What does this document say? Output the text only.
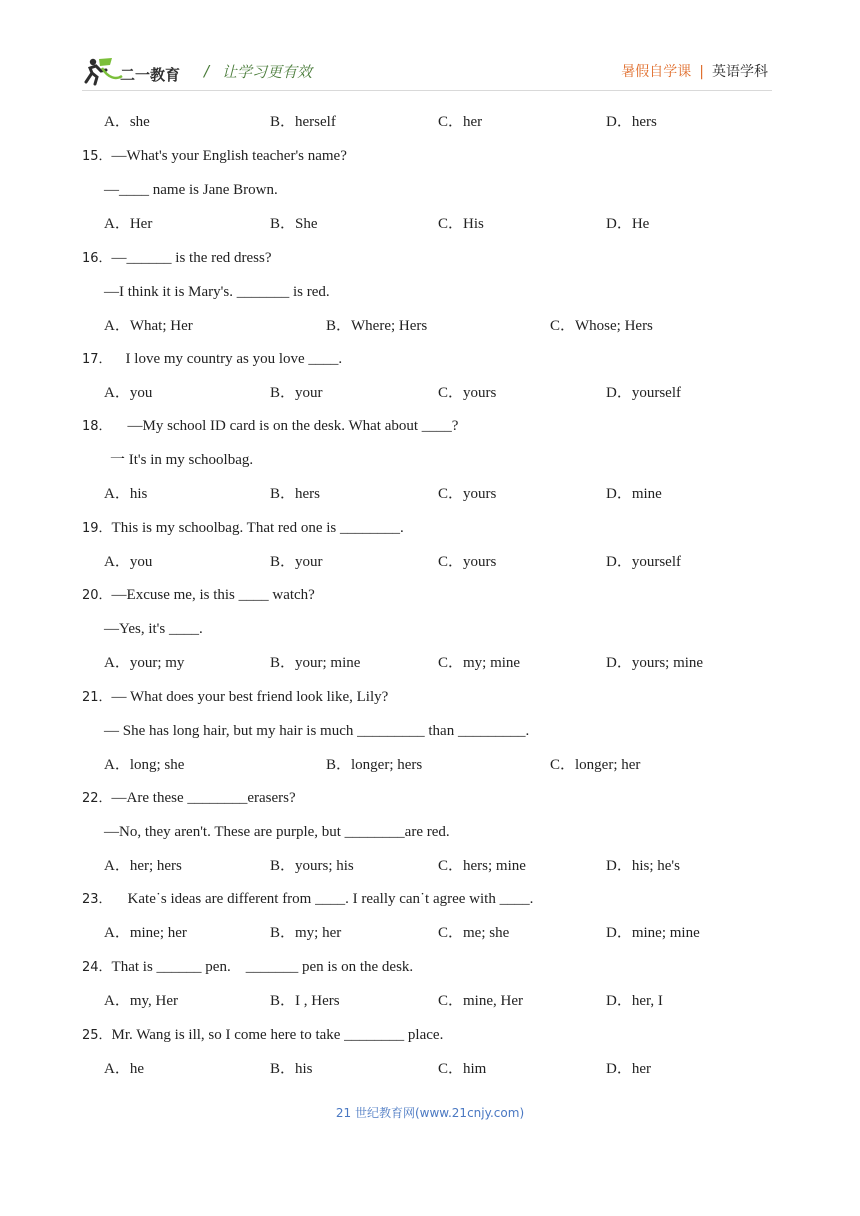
二一教育 / 让学习更有效	暑假自学课 | 英语学科
A．she	B．herself	C．her	D．hers
15．—What's your English teacher's name?
—____ name is Jane Brown.
A．Her	B．She	C．His	D．He
16．—______ is the red dress?
—I think it is Mary's. _______ is red.
A．What; Her	B．Where; Hers	C．Whose; Hers
17． I love my country as you love ____.
A．you	B．your	C．yours	D．yourself
18． —My school ID card is on the desk. What about ____?
一 It's in my schoolbag.
A．his	B．hers	C．yours	D．mine
19．This is my schoolbag. That red one is ________.
A．you	B．your	C．yours	D．yourself
20．—Excuse me, is this ____ watch?
—Yes, it's ____.
A．your; my	B．your; mine	C．my; mine	D．yours; mine
21．— What does your best friend look like, Lily?
— She has long hair, but my hair is much _________ than _________.
A．long; she	B．longer; hers	C．longer; her
22．—Are these ________erasers?
—No, they aren't. These are purple, but ________are red.
A．her; hers	B．yours; his	C．hers; mine	D．his; he's
23． Kate˙s ideas are different from ____. I really can˙t agree with ____.
A．mine; her	B．my; her	C．me; she	D．mine; mine
24．That is ______ pen.    _______ pen is on the desk.
A．my, Her	B．I , Hers	C．mine, Her	D．her, I
25．Mr. Wang is ill, so I come here to take ________ place.
A．he	B．his	C．him	D．her
21 世纪教育网(www.21cnjy.com)
